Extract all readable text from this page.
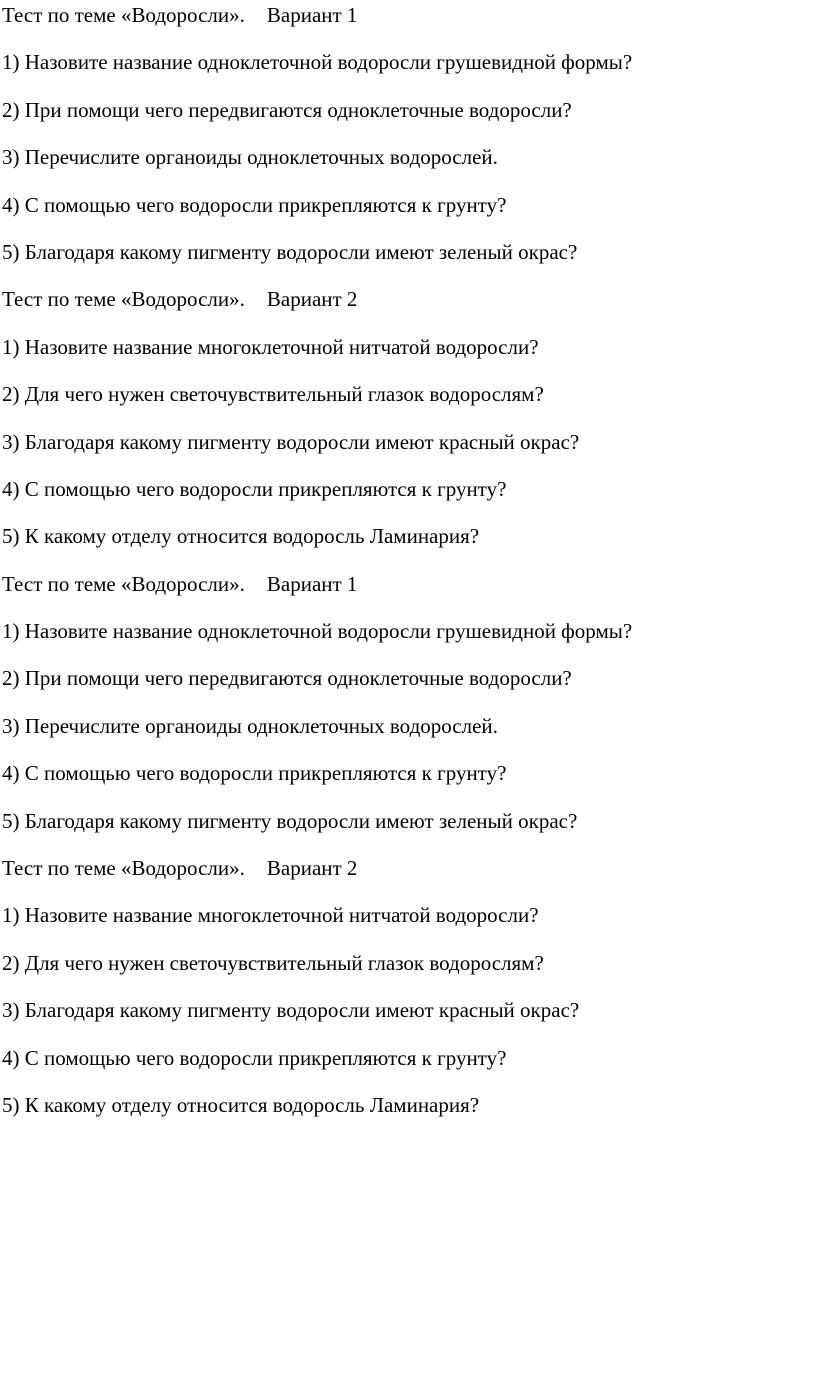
Тест по теме «Водоросли». Вариант 1

1) Назовите название одноклеточной водоросли грушевидной формы?

2) При помощи чего передвигаются одноклеточные водоросли?

3) Перечислите органоиды одноклеточных водорослей.

4) С помощью чего водоросли прикрепляются к грунту?

5) Благодаря какому пигменту водоросли имеют зеленый окрас?

Тест по теме «Водоросли». Вариант 2

1) Назовите название многоклеточной нитчатой водоросли?

2) Для чего нужен светочувствительный глазок водорослям?

3) Благодаря какому пигменту водоросли имеют красный окрас?

4) С помощью чего водоросли прикрепляются к грунту?

5) К какому отделу относится водоросль Ламинария?

Тест по теме «Водоросли». Вариант 1

1) Назовите название одноклеточной водоросли грушевидной формы?

2) При помощи чего передвигаются одноклеточные водоросли?

3) Перечислите органоиды одноклеточных водорослей.

4) С помощью чего водоросли прикрепляются к грунту?

5) Благодаря какому пигменту водоросли имеют зеленый окрас?

Тест по теме «Водоросли». Вариант 2

1) Назовите название многоклеточной нитчатой водоросли?

2) Для чего нужен светочувствительный глазок водорослям?

3) Благодаря какому пигменту водоросли имеют красный окрас?

4) С помощью чего водоросли прикрепляются к грунту?

5) К какому отделу относится водоросль Ламинария?
